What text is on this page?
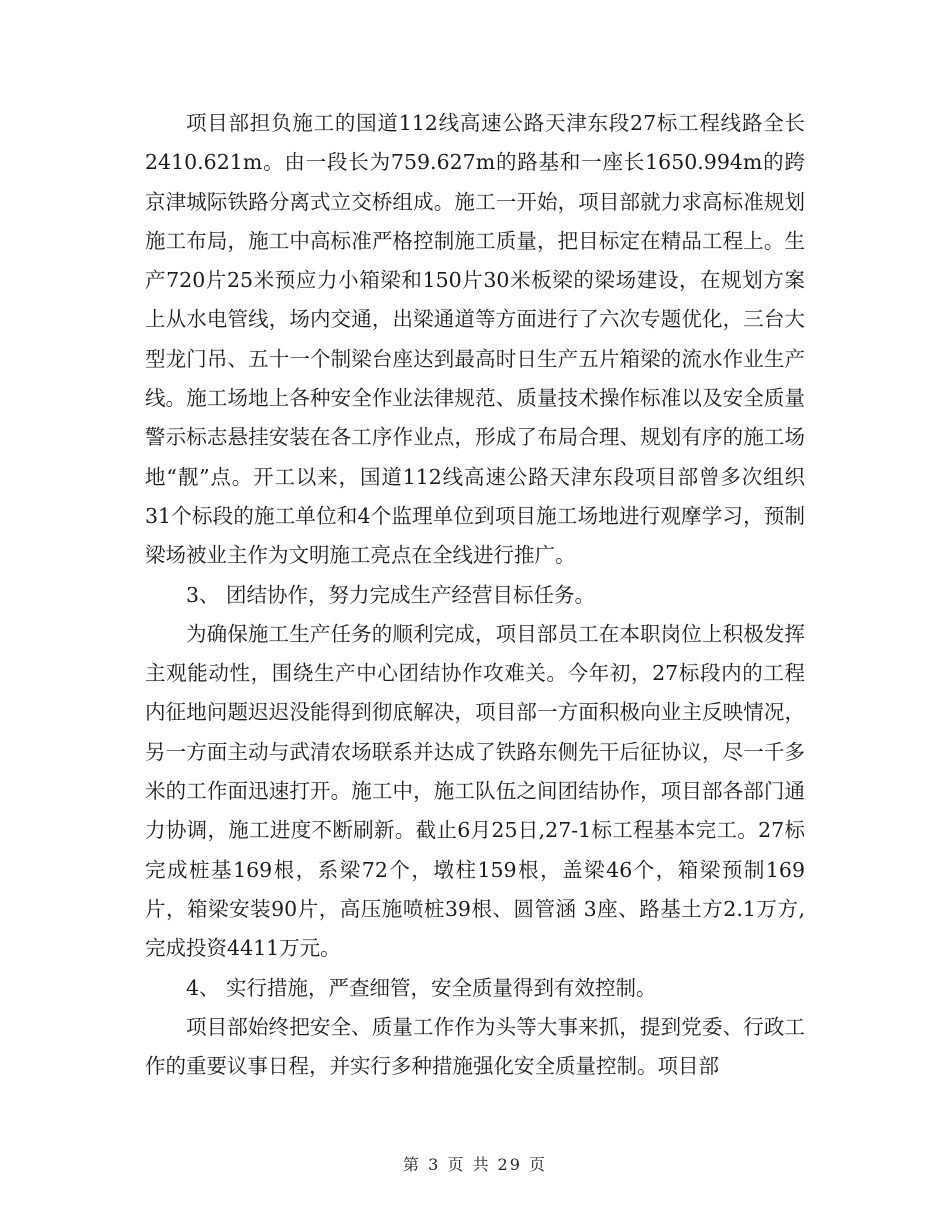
项目部担负施工的国道112线高速公路天津东段27标工程线路全长2410.621m。由一段长为759.627m的路基和一座长1650.994m的跨京津城际铁路分离式立交桥组成。施工一开始，项目部就力求高标准规划施工布局，施工中高标准严格控制施工质量，把目标定在精品工程上。生产720片25米预应力小箱梁和150片30米板梁的梁场建设，在规划方案上从水电管线，场内交通，出梁通道等方面进行了六次专题优化，三台大型龙门吊、五十一个制梁台座达到最高时日生产五片箱梁的流水作业生产线。施工场地上各种安全作业法律规范、质量技术操作标准以及安全质量警示标志悬挂安装在各工序作业点，形成了布局合理、规划有序的施工场地“靓”点。开工以来，国道112线高速公路天津东段项目部曾多次组织31个标段的施工单位和4个监理单位到项目施工场地进行观摩学习，预制梁场被业主作为文明施工亮点在全线进行推广。

3、 团结协作，努力完成生产经营目标任务。

为确保施工生产任务的顺利完成，项目部员工在本职岗位上积极发挥主观能动性，围绕生产中心团结协作攻难关。今年初，27标段内的工程内征地问题迟迟没能得到彻底解决，项目部一方面积极向业主反映情况，另一方面主动与武清农场联系并达成了铁路东侧先干后征协议，尽一千多米的工作面迅速打开。施工中，施工队伍之间团结协作，项目部各部门通力协调，施工进度不断刷新。截止6月25日,27-1标工程基本完工。27标完成桩基169根，系梁72个，墩柱159根，盖梁46个，箱梁预制169片，箱梁安装90片，高压施喷桩39根、圆管涵 3座、路基土方2.1万方,完成投资4411万元。

4、 实行措施，严查细管，安全质量得到有效控制。

项目部始终把安全、质量工作作为头等大事来抓，提到党委、行政工作的重要议事日程，并实行多种措施强化安全质量控制。项目部

第 3 页 共 29 页
